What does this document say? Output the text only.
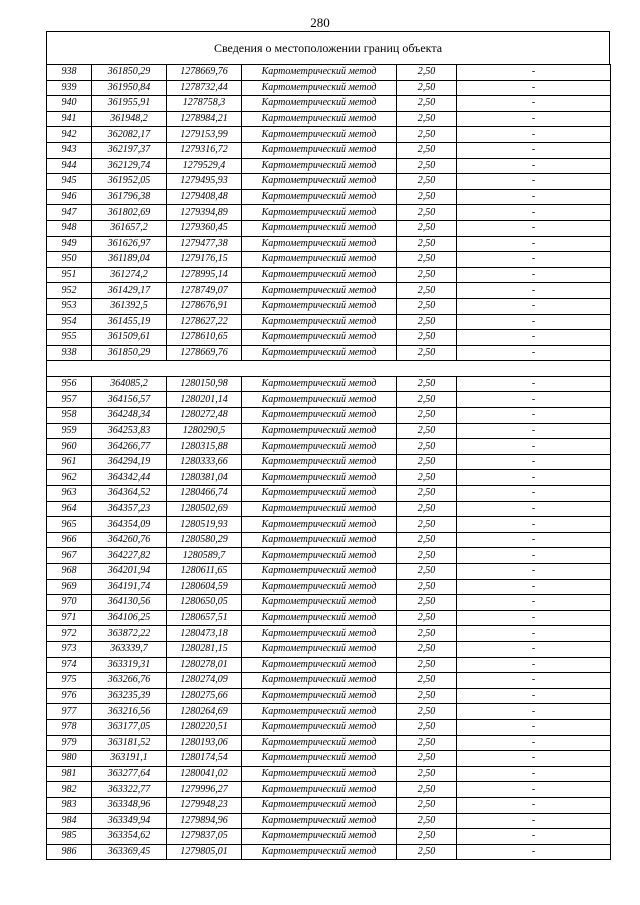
280
Сведения о местоположении границ объекта
938	361850,29	1278669,76	Картометрический метод	2,50	-
939	361950,84	1278732,44	Картометрический метод	2,50	-
940	361955,91	1278758,3	Картометрический метод	2,50	-
941	361948,2	1278984,21	Картометрический метод	2,50	-
942	362082,17	1279153,99	Картометрический метод	2,50	-
943	362197,37	1279316,72	Картометрический метод	2,50	-
944	362129,74	1279529,4	Картометрический метод	2,50	-
945	361952,05	1279495,93	Картометрический метод	2,50	-
946	361796,38	1279408,48	Картометрический метод	2,50	-
947	361802,69	1279394,89	Картометрический метод	2,50	-
948	361657,2	1279360,45	Картометрический метод	2,50	-
949	361626,97	1279477,38	Картометрический метод	2,50	-
950	361189,04	1279176,15	Картометрический метод	2,50	-
951	361274,2	1278995,14	Картометрический метод	2,50	-
952	361429,17	1278749,07	Картометрический метод	2,50	-
953	361392,5	1278676,91	Картометрический метод	2,50	-
954	361455,19	1278627,22	Картометрический метод	2,50	-
955	361509,61	1278610,65	Картометрический метод	2,50	-
938	361850,29	1278669,76	Картометрический метод	2,50	-

956	364085,2	1280150,98	Картометрический метод	2,50	-
957	364156,57	1280201,14	Картометрический метод	2,50	-
958	364248,34	1280272,48	Картометрический метод	2,50	-
959	364253,83	1280290,5	Картометрический метод	2,50	-
960	364266,77	1280315,88	Картометрический метод	2,50	-
961	364294,19	1280333,66	Картометрический метод	2,50	-
962	364342,44	1280381,04	Картометрический метод	2,50	-
963	364364,52	1280466,74	Картометрический метод	2,50	-
964	364357,23	1280502,69	Картометрический метод	2,50	-
965	364354,09	1280519,93	Картометрический метод	2,50	-
966	364260,76	1280580,29	Картометрический метод	2,50	-
967	364227,82	1280589,7	Картометрический метод	2,50	-
968	364201,94	1280611,65	Картометрический метод	2,50	-
969	364191,74	1280604,59	Картометрический метод	2,50	-
970	364130,56	1280650,05	Картометрический метод	2,50	-
971	364106,25	1280657,51	Картометрический метод	2,50	-
972	363872,22	1280473,18	Картометрический метод	2,50	-
973	363339,7	1280281,15	Картометрический метод	2,50	-
974	363319,31	1280278,01	Картометрический метод	2,50	-
975	363266,76	1280274,09	Картометрический метод	2,50	-
976	363235,39	1280275,66	Картометрический метод	2,50	-
977	363216,56	1280264,69	Картометрический метод	2,50	-
978	363177,05	1280220,51	Картометрический метод	2,50	-
979	363181,52	1280193,06	Картометрический метод	2,50	-
980	363191,1	1280174,54	Картометрический метод	2,50	-
981	363277,64	1280041,02	Картометрический метод	2,50	-
982	363322,77	1279996,27	Картометрический метод	2,50	-
983	363348,96	1279948,23	Картометрический метод	2,50	-
984	363349,94	1279894,96	Картометрический метод	2,50	-
985	363354,62	1279837,05	Картометрический метод	2,50	-
986	363369,45	1279805,01	Картометрический метод	2,50	-
